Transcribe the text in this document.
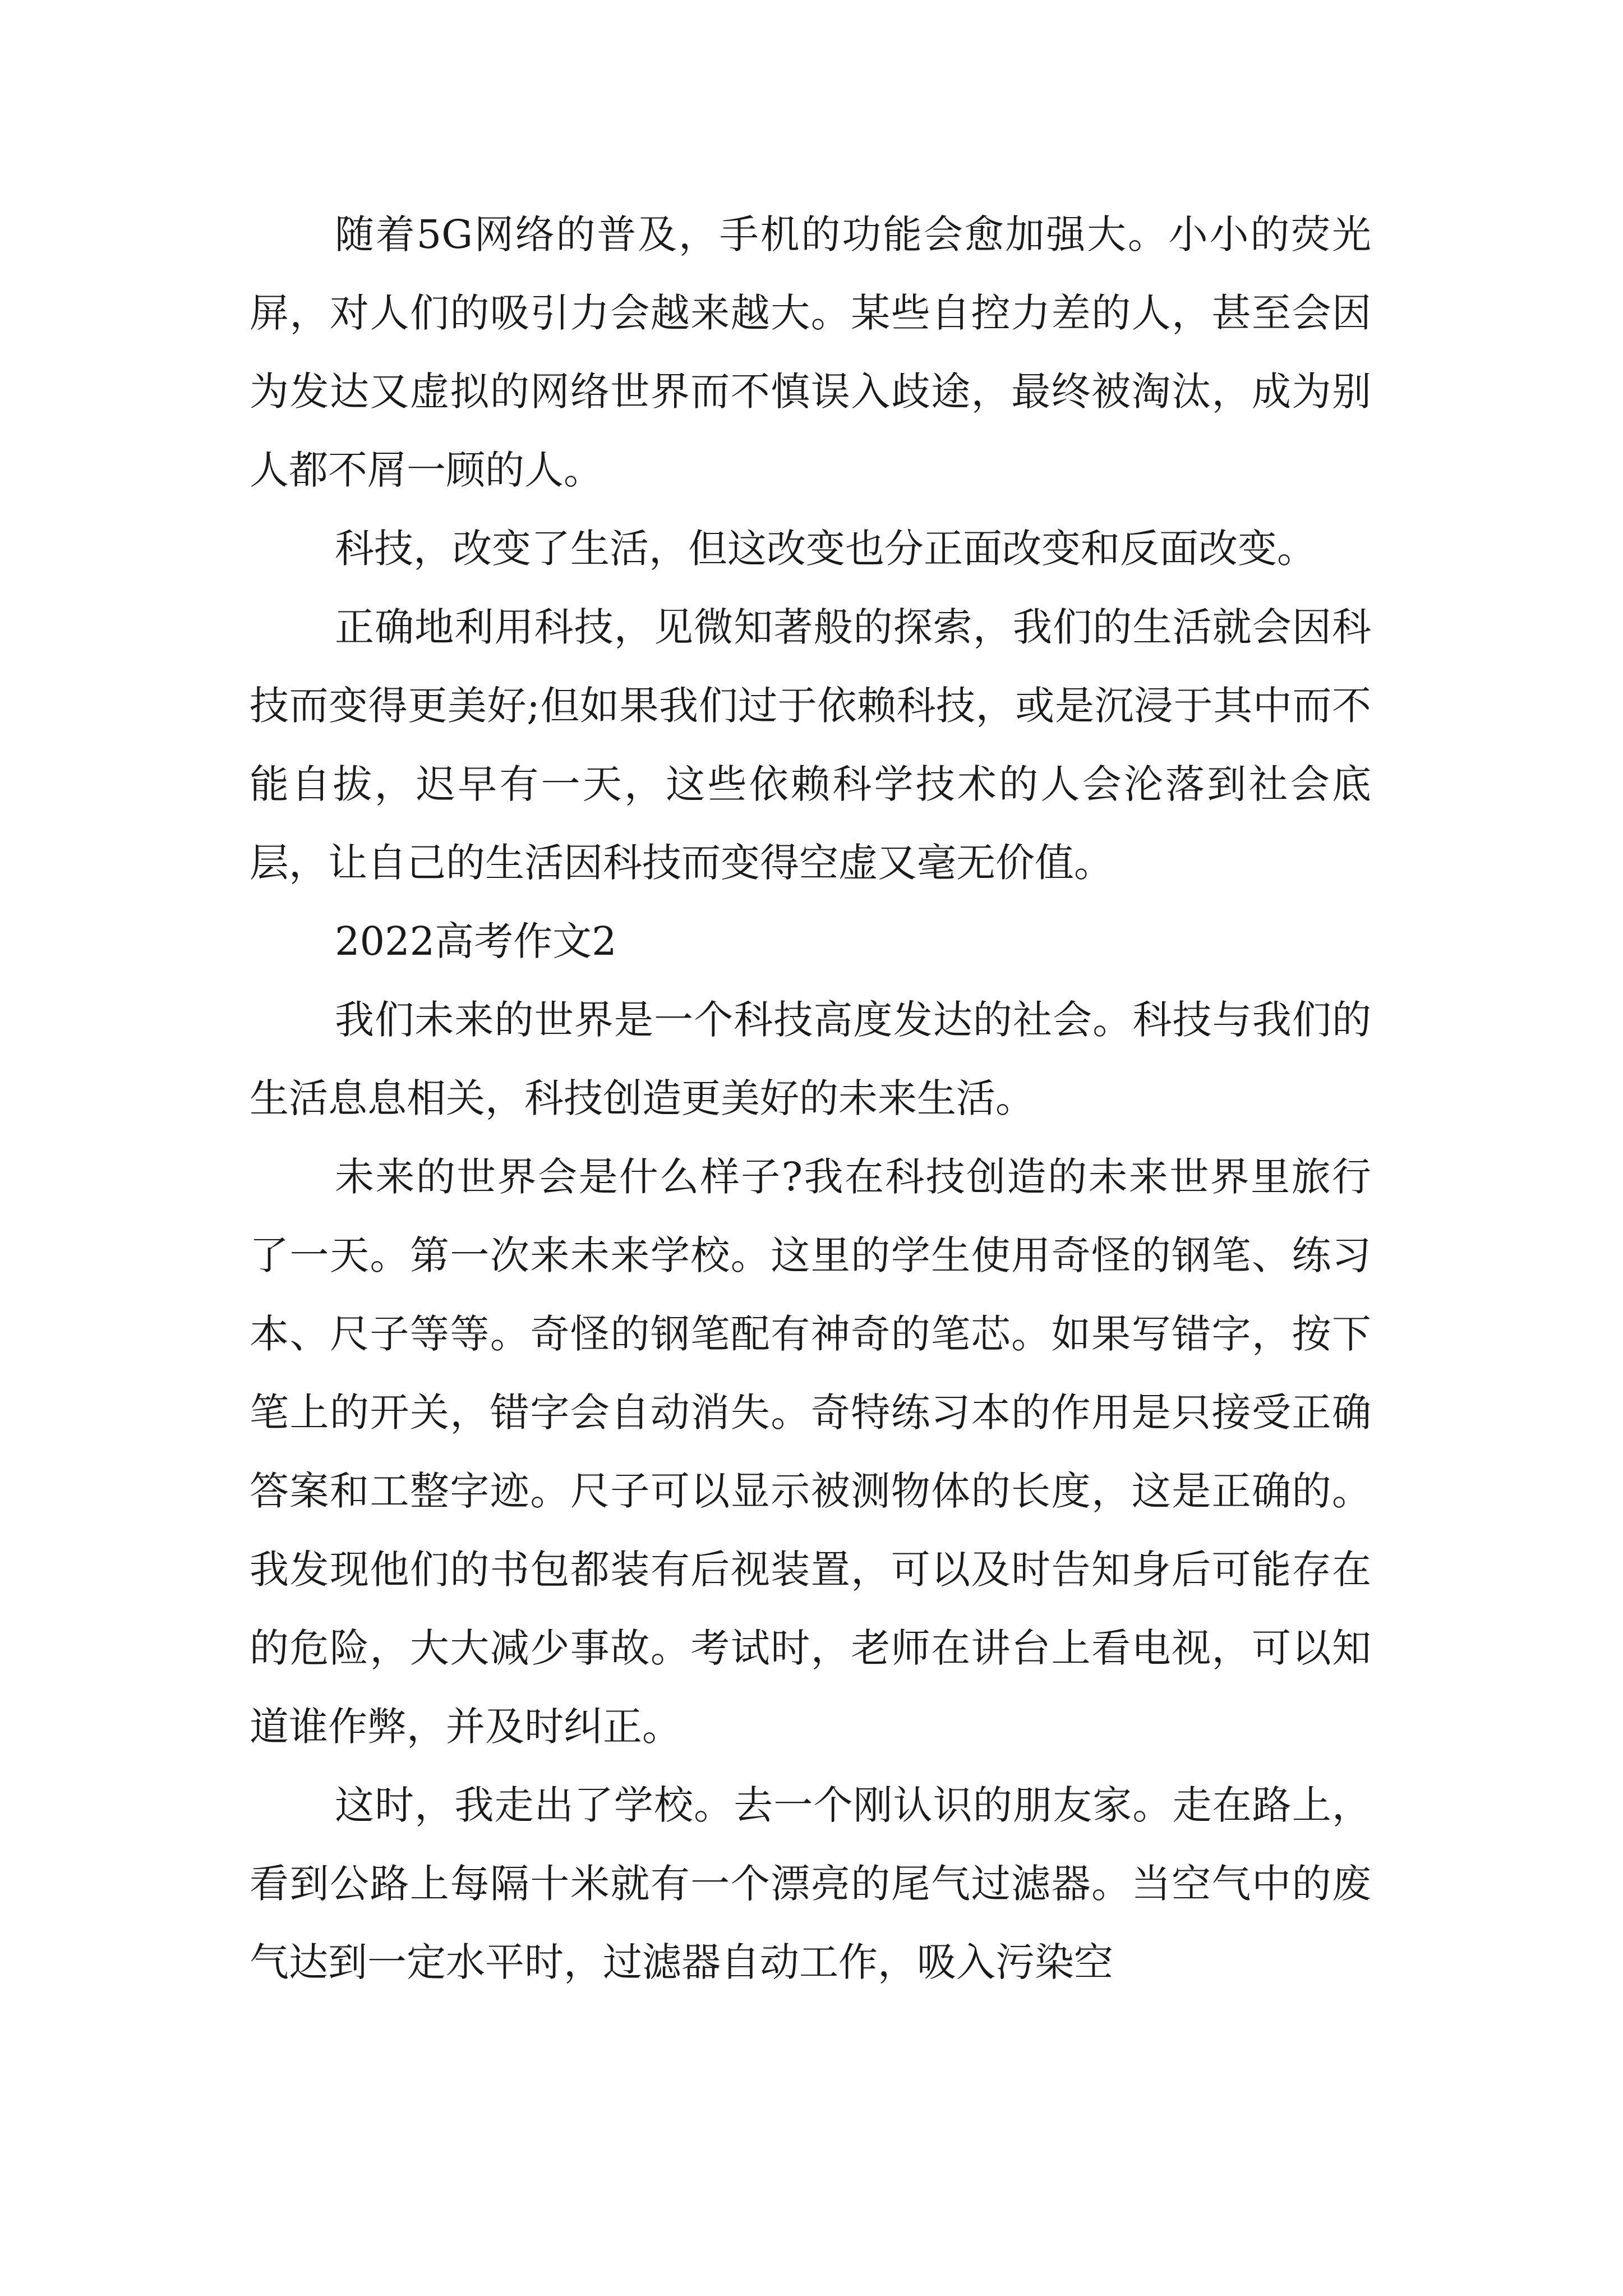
随着5G网络的普及，手机的功能会愈加强大。小小的荧光屏，对人们的吸引力会越来越大。某些自控力差的人，甚至会因为发达又虚拟的网络世界而不慎误入歧途，最终被淘汰，成为别人都不屑一顾的人。

科技，改变了生活，但这改变也分正面改变和反面改变。

正确地利用科技，见微知著般的探索，我们的生活就会因科技而变得更美好;但如果我们过于依赖科技，或是沉浸于其中而不能自拔，迟早有一天，这些依赖科学技术的人会沦落到社会底层，让自己的生活因科技而变得空虚又毫无价值。

2022高考作文2

我们未来的世界是一个科技高度发达的社会。科技与我们的生活息息相关，科技创造更美好的未来生活。

未来的世界会是什么样子?我在科技创造的未来世界里旅行了一天。第一次来未来学校。这里的学生使用奇怪的钢笔、练习本、尺子等等。奇怪的钢笔配有神奇的笔芯。如果写错字，按下笔上的开关，错字会自动消失。奇特练习本的作用是只接受正确答案和工整字迹。尺子可以显示被测物体的长度，这是正确的。我发现他们的书包都装有后视装置，可以及时告知身后可能存在的危险，大大减少事故。考试时，老师在讲台上看电视，可以知道谁作弊，并及时纠正。

这时，我走出了学校。去一个刚认识的朋友家。走在路上，看到公路上每隔十米就有一个漂亮的尾气过滤器。当空气中的废气达到一定水平时，过滤器自动工作，吸入污染空
